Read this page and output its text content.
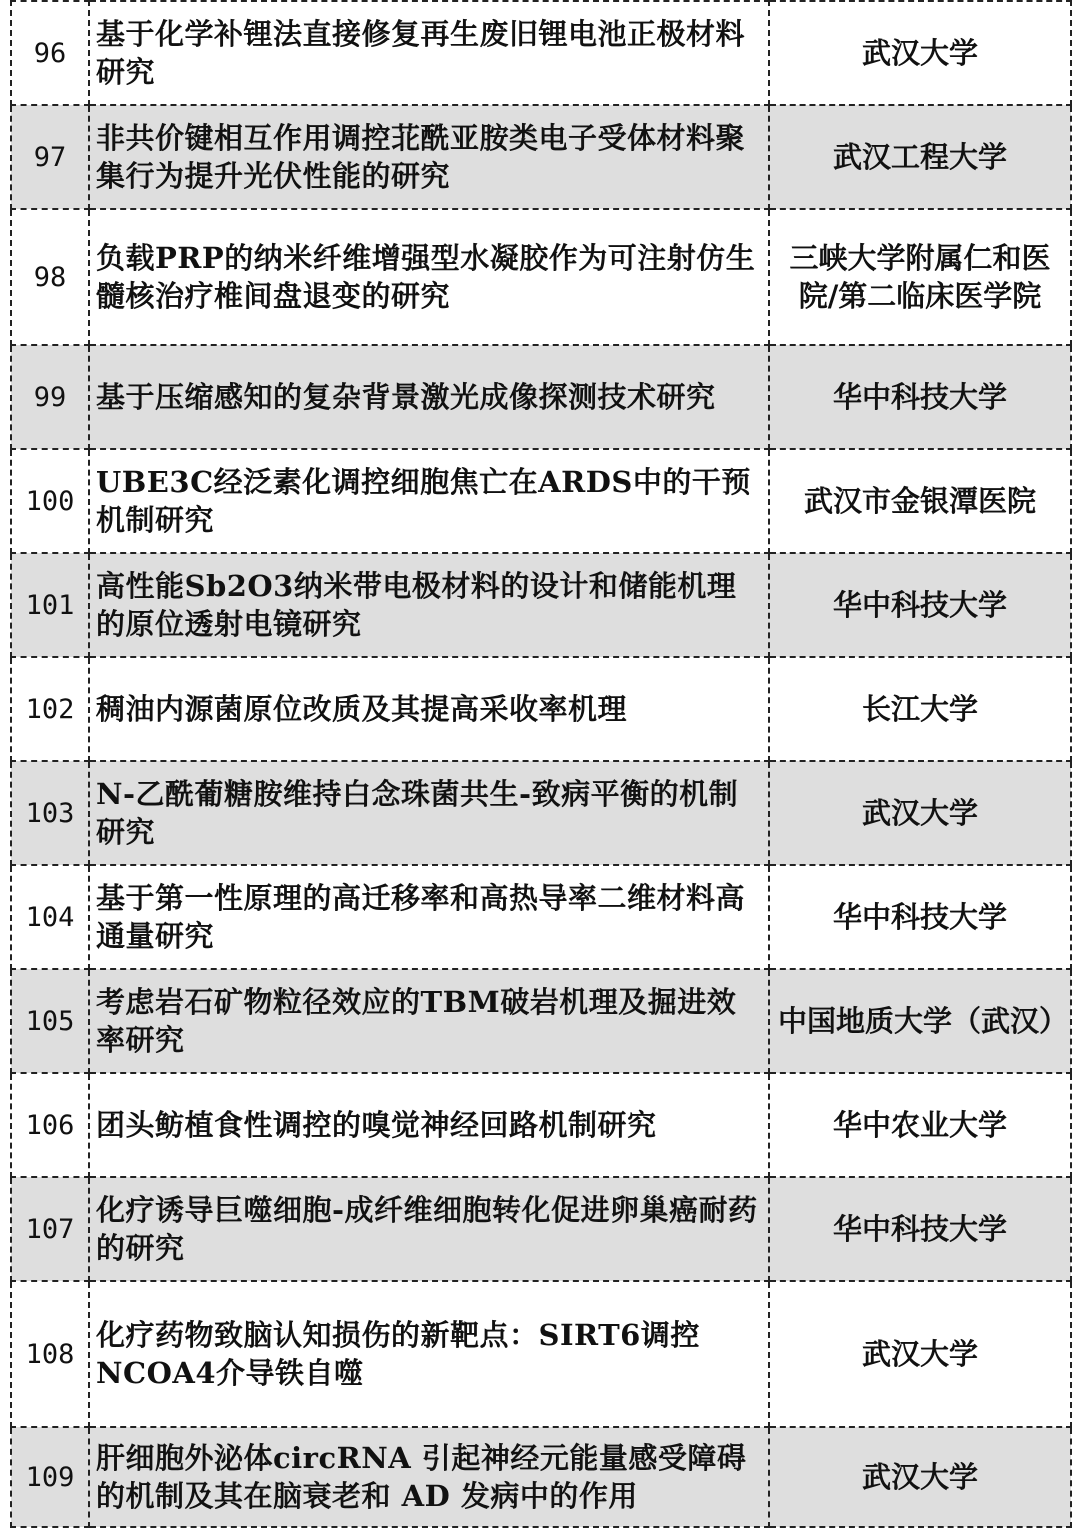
96	基于化学补锂法直接修复再生废旧锂电池正极材料研究	武汉大学
97	非共价键相互作用调控苝酰亚胺类电子受体材料聚集行为提升光伏性能的研究	武汉工程大学
98	负载PRP的纳米纤维增强型水凝胶作为可注射仿生髓核治疗椎间盘退变的研究	三峡大学附属仁和医院/第二临床医学院
99	基于压缩感知的复杂背景激光成像探测技术研究	华中科技大学
100	UBE3C经泛素化调控细胞焦亡在ARDS中的干预机制研究	武汉市金银潭医院
101	高性能Sb2O3纳米带电极材料的设计和储能机理的原位透射电镜研究	华中科技大学
102	稠油内源菌原位改质及其提高采收率机理	长江大学
103	N-乙酰葡糖胺维持白念珠菌共生-致病平衡的机制研究	武汉大学
104	基于第一性原理的高迁移率和高热导率二维材料高通量研究	华中科技大学
105	考虑岩石矿物粒径效应的TBM破岩机理及掘进效率研究	中国地质大学（武汉）
106	团头鲂植食性调控的嗅觉神经回路机制研究	华中农业大学
107	化疗诱导巨噬细胞-成纤维细胞转化促进卵巢癌耐药的研究	华中科技大学
108	化疗药物致脑认知损伤的新靶点：SIRT6调控NCOA4介导铁自噬	武汉大学
109	肝细胞外泌体circRNA 引起神经元能量感受障碍的机制及其在脑衰老和 AD 发病中的作用	武汉大学
